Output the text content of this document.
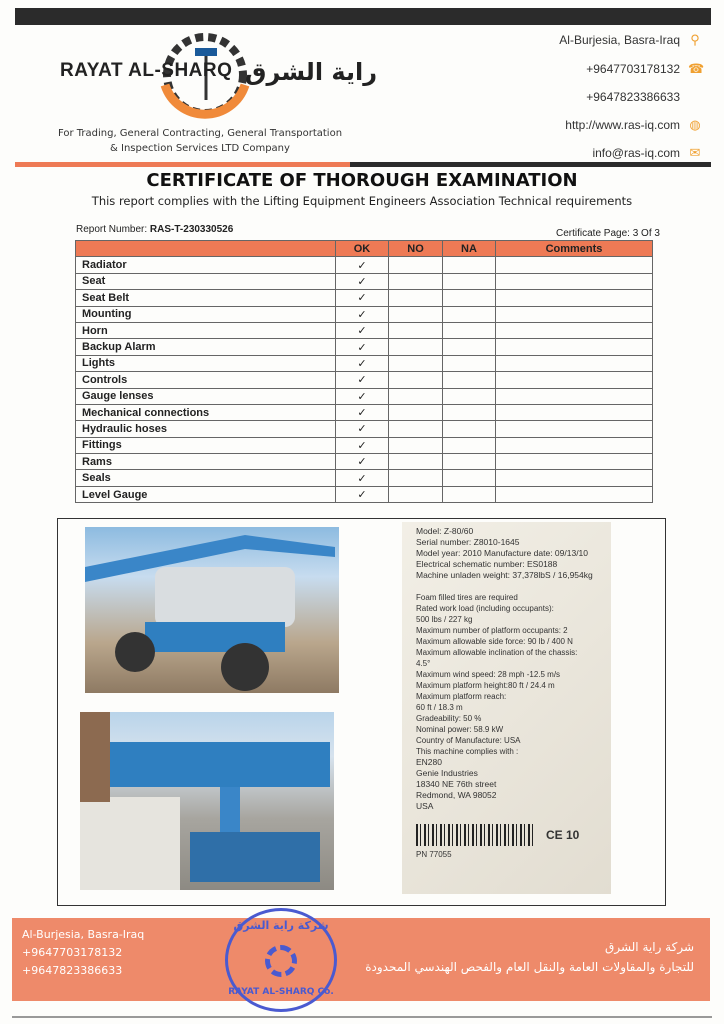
RAYAT AL-SHARQ راية الشرق
For Trading, General Contracting, General Transportation
& Inspection Services LTD Company
Al-Burjesia, Basra-Iraq ⚲
+9647703178132 ☎
+9647823386633
http://www.ras-iq.com ◍
info@ras-iq.com ✉
CERTIFICATE OF THOROUGH EXAMINATION
This report complies with the Lifting Equipment Engineers Association Technical requirements
Report Number: RAS-T-230330526	Certificate Page: 3 Of 3
	OK	NO	NA	Comments
Radiator	✓			
Seat	✓			
Seat Belt	✓			
Mounting	✓			
Horn	✓			
Backup Alarm	✓			
Lights	✓			
Controls	✓			
Gauge lenses	✓			
Mechanical connections	✓			
Hydraulic hoses	✓			
Fittings	✓			
Rams	✓			
Seals	✓			
Level Gauge	✓			
Model: Z-80/60
Serial number: Z8010-1645
Model year: 2010 Manufacture date: 09/13/10
Electrical schematic number: ES0188
Machine unladen weight: 37,378lbS / 16,954kg
Foam filled tires are required
Rated work load (including occupants):
500 lbs / 227 kg
Maximum number of platform occupants: 2
Maximum allowable side force: 90 lb / 400 N
Maximum allowable inclination of the chassis:
4.5°
Maximum wind speed: 28 mph -12.5 m/s
Maximum platform height:80 ft / 24.4 m
Maximum platform reach:
60 ft / 18.3 m
Gradeability: 50 %
Nominal power: 58.9 kW
Country of Manufacture: USA
This machine complies with :
EN280
Genie Industries
18340 NE 76th street
Redmond, WA 98052
USA
CE 10
PN 77055
Al-Burjesia, Basra-Iraq
+9647703178132
+9647823386633
شركة راية الشرق
للتجارة والمقاولات العامة والنقل العام والفحص الهندسي المحدودة
شركة راية الشرق
RAYAT AL-SHARQ Co.
